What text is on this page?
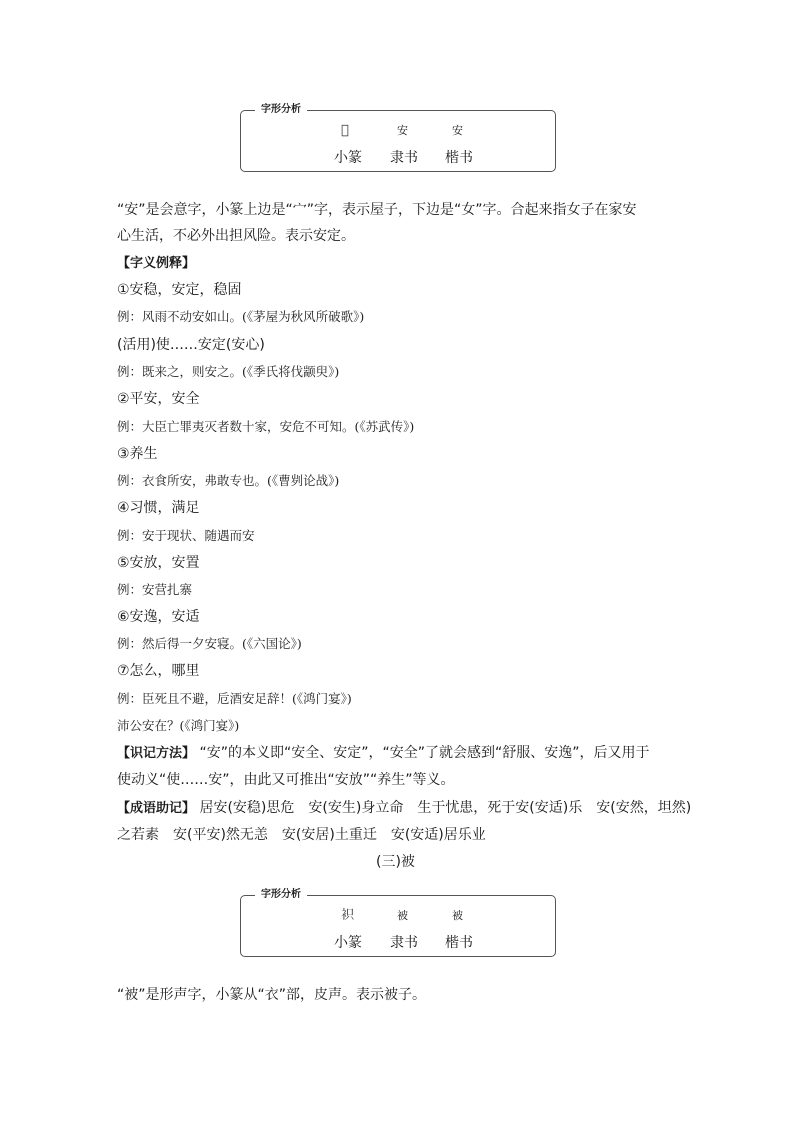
字形分析
𡧊	安	安
小篆 隶书 楷书
“安”是会意字，小篆上边是“宀”字，表示屋子，下边是“女”字。合起来指女子在家安
心生活，不必外出担风险。表示安定。
【字义例释】
①安稳，安定，稳固
例：风雨不动安如山。(《茅屋为秋风所破歌》)
(活用)使……安定(安心)
例：既来之，则安之。(《季氏将伐颛臾》)
②平安，安全
例：大臣亡罪夷灭者数十家，安危不可知。(《苏武传》)
③养生
例：衣食所安，弗敢专也。(《曹刿论战》)
④习惯，满足
例：安于现状、随遇而安
⑤安放，安置
例：安营扎寨
⑥安逸，安适
例：然后得一夕安寝。(《六国论》)
⑦怎么，哪里
例：臣死且不避，卮酒安足辞！(《鸿门宴》)
沛公安在？(《鸿门宴》)
【识记方法】 “安”的本义即“安全、安定”，“安全”了就会感到“舒服、安逸”，后又用于
使动义“使……安”，由此又可推出“安放”“养生”等义。
【成语助记】 居安(安稳)思危　安(安生)身立命　生于忧患，死于安(安适)乐　安(安然，坦然)
之若素　安(平安)然无恙　安(安居)土重迁　安(安适)居乐业
(三)被
字形分析
𧙋	被	被
小篆 隶书 楷书
“被”是形声字，小篆从“衣”部，皮声。表示被子。
